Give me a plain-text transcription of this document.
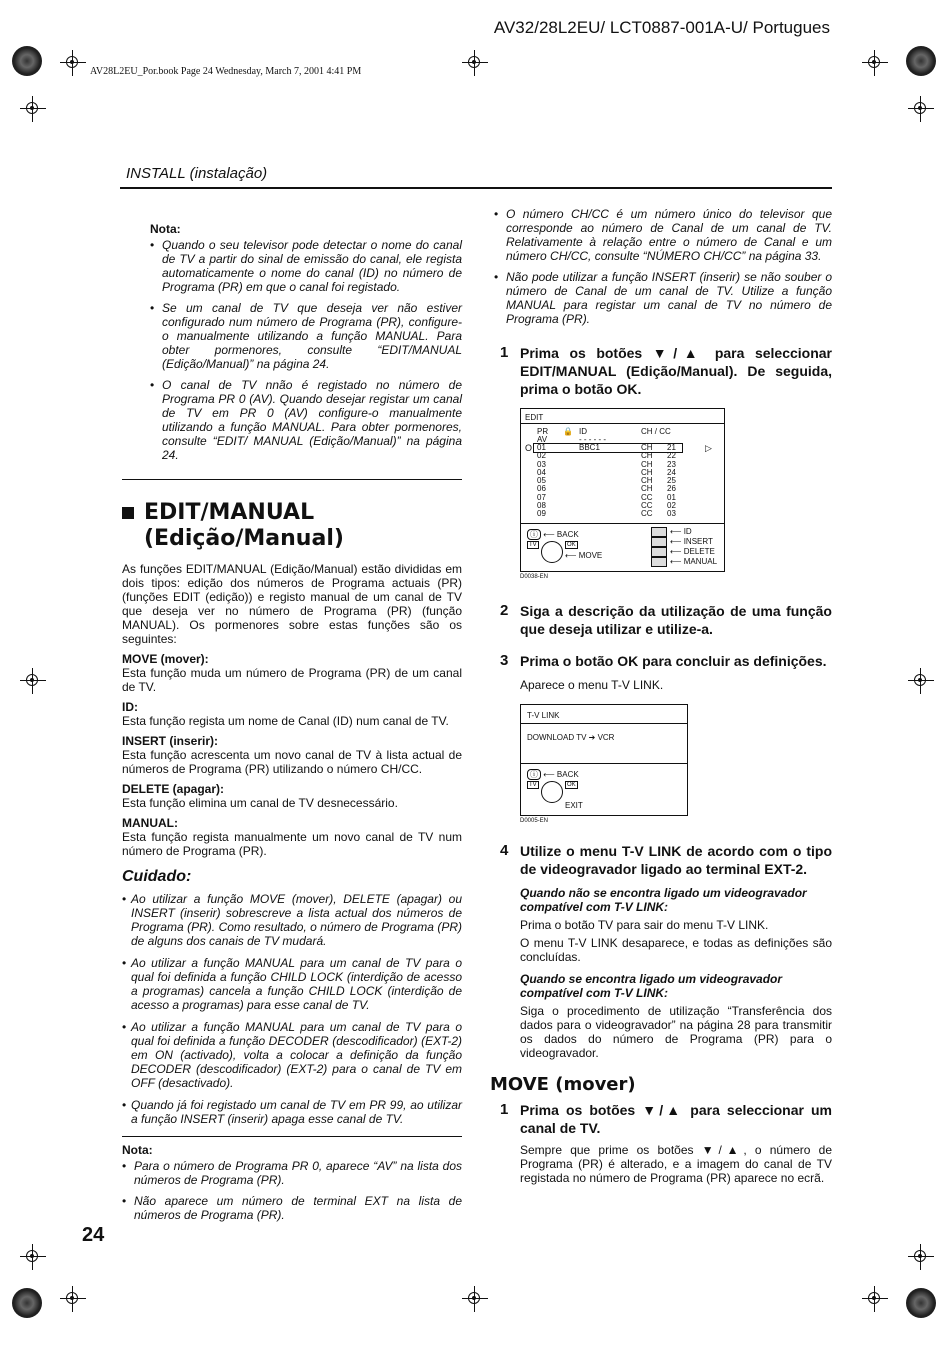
AV32/28L2EU/ LCT0887-001A-U/ Portugues
AV28L2EU_Por.book Page 24 Wednesday, March 7, 2001 4:41 PM
INSTALL (instalação)
Nota:

• Quando o seu televisor pode detectar o nome do canal de TV a partir do sinal de emissão do canal, ele regista automaticamente o nome do canal (ID) no número de Programa (PR) em que o canal foi registado.

• Se um canal de TV que deseja ver não estiver configurado num número de Programa (PR), configure-o manualmente utilizando a função MANUAL. Para obter pormenores, consulte “EDIT/MANUAL (Edição/Manual)” na página 24.

• O canal de TV nnão é registado no número de Programa PR 0 (AV). Quando desejar registar um canal de TV em PR 0 (AV) configure-o manualmente utilizando a função MANUAL. Para obter pormenores, consulte “EDIT/ MANUAL (Edição/Manual)” na página 24.

EDIT/MANUAL (Edição/Manual)

As funções EDIT/MANUAL (Edição/Manual) estão divididas em dois tipos: edição dos números de Programa actuais (PR) (funções EDIT (edição)) e registo manual de um canal de TV que deseja ver no número de Programa (PR) (função MANUAL). Os pormenores sobre estas funções são os seguintes:

MOVE (mover):

Esta função muda um número de Programa (PR) de um canal de TV.

ID:

Esta função regista um nome de Canal (ID) num canal de TV.

INSERT (inserir):

Esta função acrescenta um novo canal de TV à lista actual de números de Programa (PR) utilizando o número CH/CC.

DELETE (apagar):

Esta função elimina um canal de TV desnecessário.

MANUAL:

Esta função regista manualmente um novo canal de TV num número de Programa (PR).

Cuidado:

• Ao utilizar a função MOVE (mover), DELETE (apagar) ou INSERT (inserir) sobrescreve a lista actual dos números de Programa (PR). Como resultado, o número de Programa (PR) de alguns dos canais de TV mudará.

• Ao utilizar a função MANUAL para um canal de TV para o qual foi definida a função CHILD LOCK (interdição de acesso a programas) cancela a função CHILD LOCK (interdição de acesso a programas) para esse canal de TV.

• Ao utilizar a função MANUAL para um canal de TV para o qual foi definida a função DECODER (descodificador) (EXT-2) em ON (activado), volta a colocar a definição da função DECODER (descodificador) (EXT-2) para o canal de TV em OFF (desactivado).

• Quando já foi registado um canal de TV em PR 99, ao utilizar a função INSERT (inserir) apaga esse canal de TV.

Nota:

• Para o número de Programa PR 0, aparece “AV” na lista dos números de Programa (PR).

• Não aparece um número de terminal EXT na lista de números de Programa (PR).

• O número CH/CC é um número único do televisor que corresponde ao número de Canal de um canal de TV. Relativamente à relação entre o número de Canal e um número CH/CC, consulte “NÚMERO CH/CC” na página 33.

• Não pode utilizar a função INSERT (inserir) se não souber o número de Canal de um canal de TV. Utilize a função MANUAL para registar um canal de TV no número de Programa (PR).

1 Prima os botões ▼/▲ para seleccionar EDIT/MANUAL (Edição/Manual). De seguida, prima o botão OK.
EDIT
PR 🔒 ID	CH / CC
AV	- - - - - -
O	▷
01	BBC1	CH	21
02	CH	22
03	CH	23
04	CH	24
05	CH	25
06	CH	26
07	CC	01
08	CC	02
09	CC	03
ⓘ ⟵ BACK
TV	OK
⟵ MOVE
⟵ ID
⟵ INSERT
⟵ DELETE
⟵ MANUAL
D0038-EN
2 Siga a descrição da utilização de uma função que deseja utilizar e utilize-a.
3 Prima o botão OK para concluir as definições.

Aparece o menu T-V LINK.

T-V LINK
DOWNLOAD TV ➔ VCR
ⓘ ⟵ BACK
TV	OK
EXIT
D0005-EN
4 Utilize o menu T-V LINK de acordo com o tipo de videogravador ligado ao terminal EXT-2.
Quando não se encontra ligado um videogravador compatível com T-V LINK:

Prima o botão TV para sair do menu T-V LINK.

O menu T-V LINK desaparece, e todas as definições são concluídas.

Quando se encontra ligado um videogravador compatível com T-V LINK:

Siga o procedimento de utilização “Transferência dos dados para o videogravador” na página 28 para transmitir os dados do número de Programa (PR) para o videogravador.

MOVE (mover)
1 Prima os botões ▼/▲ para seleccionar um canal de TV.

Sempre que prime os botões ▼/▲, o número de Programa (PR) é alterado, e a imagem do canal de TV registada no número de Programa (PR) aparece no ecrã.

24
